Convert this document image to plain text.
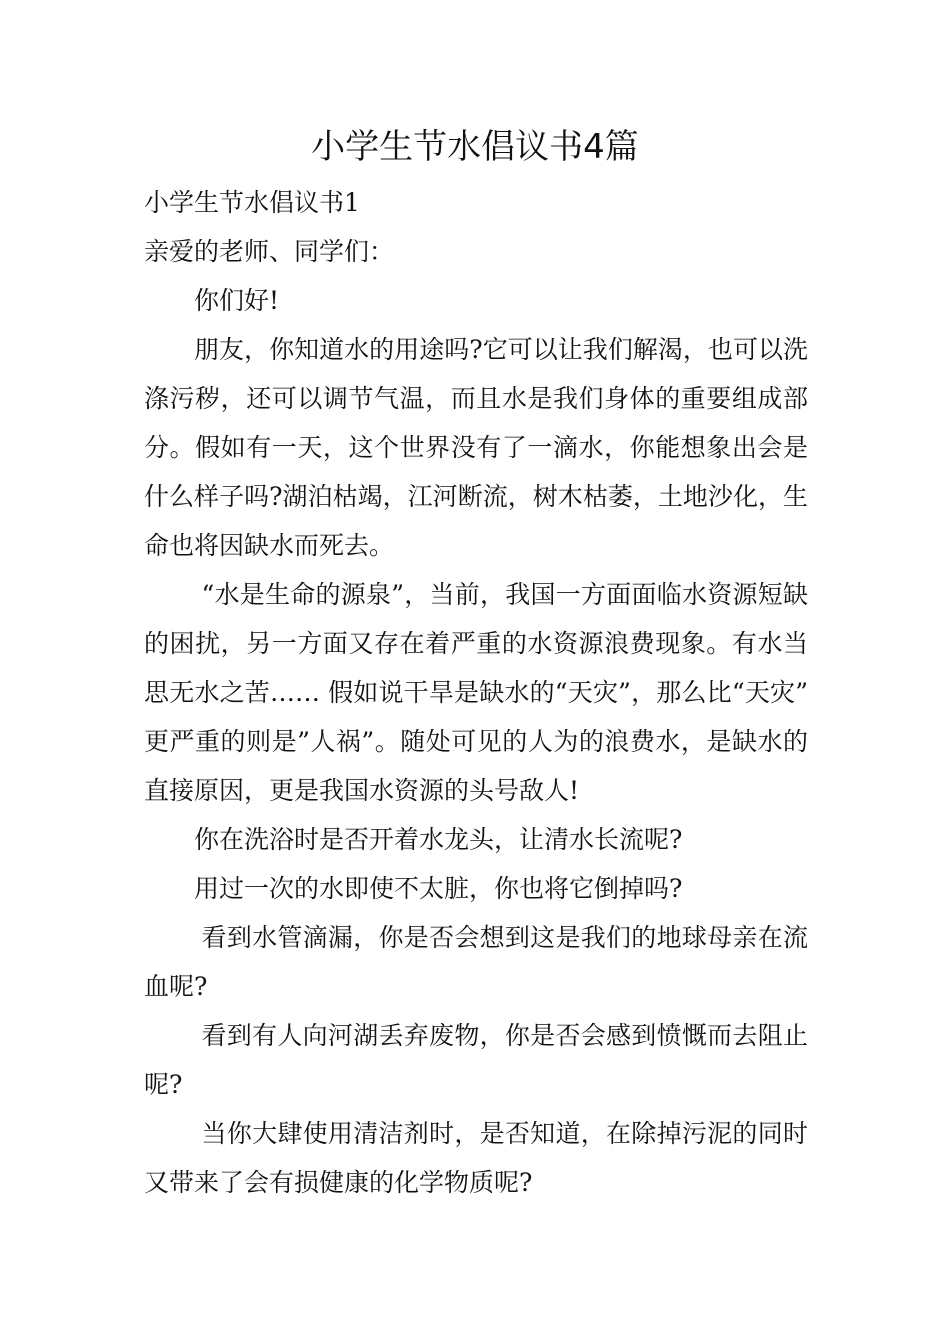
小学生节水倡议书4篇

小学生节水倡议书1

亲爱的老师、同学们：

你们好!

朋友，你知道水的用途吗?它可以让我们解渴，也可以洗涤污秽，还可以调节气温，而且水是我们身体的重要组成部分。假如有一天，这个世界没有了一滴水，你能想象出会是什么样子吗?湖泊枯竭，江河断流，树木枯萎，土地沙化，生命也将因缺水而死去。

“水是生命的源泉”，当前，我国一方面面临水资源短缺的困扰，另一方面又存在着严重的水资源浪费现象。有水当思无水之苦…… 假如说干旱是缺水的“天灾”，那么比“天灾”更严重的则是”人祸”。随处可见的人为的浪费水，是缺水的直接原因，更是我国水资源的头号敌人!

你在洗浴时是否开着水龙头，让清水长流呢?

用过一次的水即使不太脏，你也将它倒掉吗?

看到水管滴漏，你是否会想到这是我们的地球母亲在流血呢?

看到有人向河湖丢弃废物，你是否会感到愤慨而去阻止呢?

当你大肆使用清洁剂时，是否知道，在除掉污泥的同时又带来了会有损健康的化学物质呢?
